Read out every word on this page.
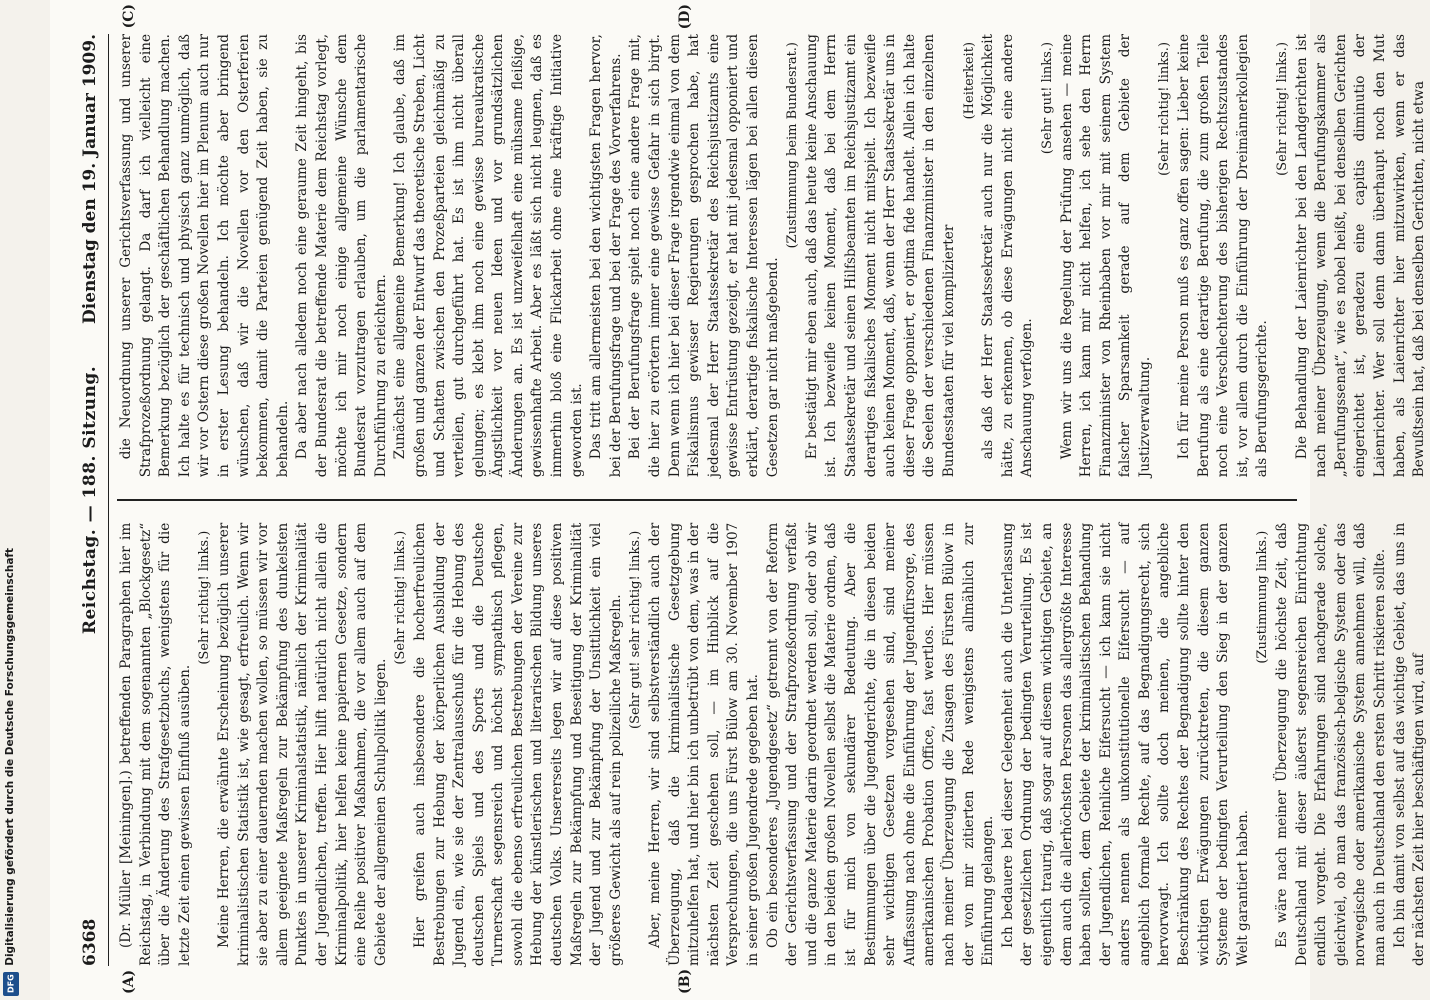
6368
Reichstag. — 188. Sitzung.
Dienstag den 19. Januar 1909.
(A)	(B)

(Dr. Müller [Meiningen].) betreffenden Paragraphen hier im Reichstag, in Verbindung mit dem sogenannten „Blockgesetz“ über die Änderung des Strafgesetzbuchs, wenigstens für die letzte Zeit einen gewissen Einfluß ausüben.

(Sehr richtig! links.) Meine Herren, die erwähnte Erscheinung bezüglich unserer kriminalistischen Statistik ist, wie gesagt, erfreulich. Wenn wir sie aber zu einer dauernden machen wollen, so müssen wir vor allem geeignete Maßregeln zur Bekämpfung des dunkelsten Punktes in unserer Kriminalstatistik, nämlich der Kriminalität der Jugendlichen, treffen. Hier hilft natürlich nicht allein die Kriminalpolitik, hier helfen keine papiernen Gesetze, sondern eine Reihe positiver Maßnahmen, die vor allem auch auf dem Gebiete der allgemeinen Schulpolitik liegen.

(Sehr richtig! links.) Hier greifen auch insbesondere die hocherfreulichen Bestrebungen zur Hebung der körperlichen Ausbildung der Jugend ein, wie sie der Zentralausschuß für die Hebung des deutschen Spiels und des Sports und die Deutsche Turnerschaft segensreich und höchst sympathisch pflegen, sowohl die ebenso erfreulichen Bestrebungen der Vereine zur Hebung der künstlerischen und literarischen Bildung unseres deutschen Volks. Unsererseits legen wir auf diese positiven Maßregeln zur Bekämpfung und Beseitigung der Kriminalität der Jugend und zur Bekämpfung der Unsittlichkeit ein viel größeres Gewicht als auf rein polizeiliche Maßregeln. (Sehr gut! sehr richtig! links.) Aber, meine Herren, wir sind selbstverständlich auch der Überzeugung, daß die kriminalistische Gesetzgebung mitzuhelfen hat, und hier bin ich unbetrübt von dem, was in der nächsten Zeit geschehen soll, — im Hinblick auf die Versprechungen, die uns Fürst Bülow am 30. November 1907 in seiner großen Jugendrede gegeben hat. Ob ein besonderes „Jugendgesetz“ getrennt von der Reform der Gerichtsverfassung und der Strafprozeßordnung verfaßt und die ganze Materie darin geordnet werden soll, oder ob wir in den beiden großen Novellen selbst die Materie ordnen, daß ist für mich von sekundärer Bedeutung. Aber die Bestimmungen über die Jugendgerichte, die in diesen beiden sehr wichtigen Gesetzen vorgesehen sind, sind meiner Auffassung nach ohne die Einführung der Jugendfürsorge, des amerikanischen Probation Office, fast wertlos. Hier müssen nach meiner Überzeugung die Zusagen des Fürsten Bülow in der von mir zitierten Rede wenigstens allmählich zur Einführung gelangen. Ich bedauere bei dieser Gelegenheit auch die Unterlassung der gesetzlichen Ordnung der bedingten Verurteilung. Es ist eigentlich traurig, daß sogar auf diesem wichtigen Gebiete, an dem auch die allerhöchsten Personen das allergrößte Interesse haben sollten, dem Gebiete der kriminalistischen Behandlung der Jugendlichen, Reinliche Eifersucht — ich kann sie nicht anders nennen als unkonstitutionelle Eifersucht — auf angeblich formale Rechte, auf das Begnadigungsrecht, sich hervorwagt. Ich sollte doch meinen, die angebliche Beschränkung des Rechtes der Begnadigung sollte hinter den wichtigen Erwägungen zurücktreten, die diesem ganzen Systeme der bedingten Verurteilung den Sieg in der ganzen Welt garantiert haben.

(Zustimmung links.) Es wäre nach meiner Überzeugung die höchste Zeit, daß Deutschland mit dieser äußerst segensreichen Einrichtung endlich vorgeht. Die Erfahrungen sind nachgerade solche, gleichviel, ob man das französisch-belgische System oder das norwegische oder amerikanische System annehmen will, daß man auch in Deutschland den ersten Schritt riskieren sollte. Ich bin damit von selbst auf das wichtige Gebiet, das uns in der nächsten Zeit hier beschäftigen wird, auf

die Neuordnung unserer Gerichtsverfassung und unserer Strafprozeßordnung gelangt. Da darf ich vielleicht eine Bemerkung bezüglich der geschäftlichen Behandlung machen. Ich halte es für technisch und physisch ganz unmöglich, daß wir vor Ostern diese großen Novellen hier im Plenum auch nur in erster Lesung behandeln. Ich möchte aber bringend wünschen, daß wir die Novellen vor den Osterferien bekommen, damit die Parteien genügend Zeit haben, sie zu behandeln. Da aber nach alledem noch eine geraume Zeit hingeht, bis der Bundesrat die betreffende Materie dem Reichstag vorlegt, möchte ich mir noch einige allgemeine Wünsche dem Bundesrat vorzutragen erlauben, um die parlamentarische Durchführung zu erleichtern. Zunächst eine allgemeine Bemerkung! Ich glaube, daß im großen und ganzen der Entwurf das theoretische Streben, Licht und Schatten zwischen den Prozeßparteien gleichmäßig zu verteilen, gut durchgeführt hat. Es ist ihm nicht überall gelungen; es klebt ihm noch eine gewisse bureaukratische Ängstlichkeit vor neuen Ideen und vor grundsätzlichen Änderungen an. Es ist unzweifelhaft eine mühsame fleißige, gewissenhafte Arbeit. Aber es läßt sich nicht leugnen, daß es immerhin bloß eine Flickarbeit ohne eine kräftige Initiative geworden ist. Das tritt am allermeisten bei den wichtigsten Fragen hervor, bei der Berufungsfrage und bei der Frage des Vorverfahrens. Bei der Berufungsfrage spielt noch eine andere Frage mit, die hier zu erörtern immer eine gewisse Gefahr in sich birgt. Denn wenn ich hier bei dieser Frage irgendwie einmal von dem Fiskalismus gewisser Regierungen gesprochen habe, hat jedesmal der Herr Staatssekretär des Reichsjustizamts eine gewisse Entrüstung gezeigt, er hat mit jedesmal opponiert und erklärt, derartige fiskalische Interessen lägen bei allen diesen Gesetzen gar nicht maßgebend.

(Zustimmung beim Bundesrat.) Er bestätigt mir eben auch, daß das heute keine Anschauung ist. Ich bezweifle keinen Moment, daß bei dem Herrn Staatssekretär und seinen Hilfsbeamten im Reichsjustizamt ein derartiges fiskalisches Moment nicht mitspielt. Ich bezweifle auch keinen Moment, daß, wenn der Herr Staatssekretär uns in dieser Frage opponiert, er optima fide handelt. Allein ich halte die Seelen der verschiedenen Finanzminister in den einzelnen Bundesstaaten für viel komplizierter

(Heiterkeit) als daß der Herr Staatssekretär auch nur die Möglichkeit hätte, zu erkennen, ob diese Erwägungen nicht eine andere Anschauung verfolgen.

(Sehr gut! links.) Wenn wir uns die Regelung der Prüfung ansehen — meine Herren, ich kann mir nicht helfen, ich sehe den Herrn Finanzminister von Rheinbaben vor mir mit seinem System falscher Sparsamkeit gerade auf dem Gebiete der Justizverwaltung.

(Sehr richtig! links.) Ich für meine Person muß es ganz offen sagen: Lieber keine Berufung als eine derartige Berufung, die zum großen Teile noch eine Verschlechterung des bisherigen Rechtszustandes ist, vor allem durch die Einführung der Dreimännerkollegien als Berufungsgerichte.

(Sehr richtig! links.) Die Behandlung der Laienrichter bei den Landgerichten ist nach meiner Überzeugung, wenn die Berufungskammer als „Berufungssenat“, wie es nobel heißt, bei denselben Gerichten eingerichtet ist, geradezu eine capitis diminutio der Laienrichter. Wer soll denn dann überhaupt noch den Mut haben, als Laienrichter hier mitzuwirken, wenn er das Bewußtsein hat, daß bei denselben Gerichten, nicht etwa

(C)	(D)
Digitalisierung gefördert durch die Deutsche Forschungsgemeinschaft
DFG
